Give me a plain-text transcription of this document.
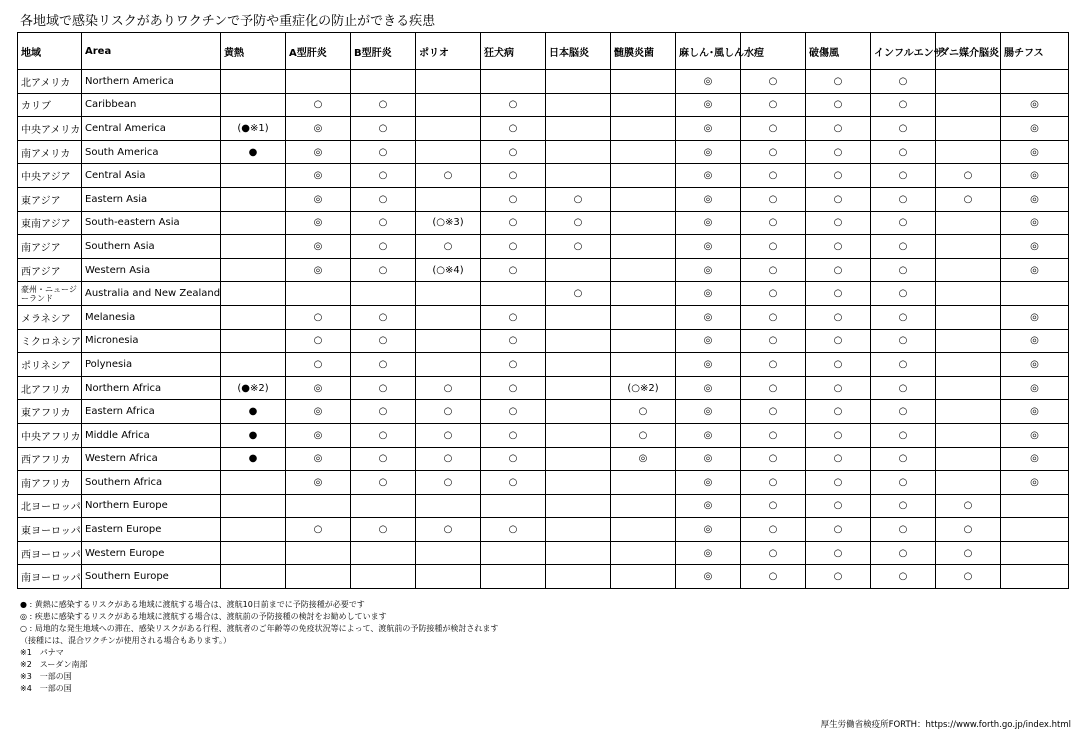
各地域で感染リスクがありワクチンで予防や重症化の防止ができる疾患
地域	Area	黄熱	A型肝炎	B型肝炎	ポリオ	狂犬病	日本脳炎	髄膜炎菌	麻しん･風しん	水痘	破傷風	インフルエンザ	ダニ媒介脳炎	腸チフス
北アメリカ	Northern America								◎	○	○	○		
カリブ	Caribbean		○	○		○			◎	○	○	○		◎
中央アメリカ	Central America	(●※1)	◎	○		○			◎	○	○	○		◎
南アメリカ	South America	●	◎	○		○			◎	○	○	○		◎
中央アジア	Central Asia		◎	○	○	○			◎	○	○	○	○	◎
東アジア	Eastern Asia		◎	○		○	○		◎	○	○	○	○	◎
東南アジア	South-eastern Asia		◎	○	(○※3)	○	○		◎	○	○	○		◎
南アジア	Southern Asia		◎	○	○	○	○		◎	○	○	○		◎
西アジア	Western Asia		◎	○	(○※4)	○			◎	○	○	○		◎
豪州・ニュージーランド	Australia and New Zealand						○		◎	○	○	○		
メラネシア	Melanesia		○	○		○			◎	○	○	○		◎
ミクロネシア	Micronesia		○	○		○			◎	○	○	○		◎
ポリネシア	Polynesia		○	○		○			◎	○	○	○		◎
北アフリカ	Northern Africa	(●※2)	◎	○	○	○		(○※2)	◎	○	○	○		◎
東アフリカ	Eastern Africa	●	◎	○	○	○		○	◎	○	○	○		◎
中央アフリカ	Middle Africa	●	◎	○	○	○		○	◎	○	○	○		◎
西アフリカ	Western Africa	●	◎	○	○	○		◎	◎	○	○	○		◎
南アフリカ	Southern Africa		◎	○	○	○			◎	○	○	○		◎
北ヨーロッパ	Northern Europe								◎	○	○	○	○	
東ヨーロッパ	Eastern Europe		○	○	○	○			◎	○	○	○	○	
西ヨーロッパ	Western Europe								◎	○	○	○	○	
南ヨーロッパ	Southern Europe								◎	○	○	○	○	
● : 黄熱に感染するリスクがある地域に渡航する場合は、渡航10日前までに予防接種が必要です
◎ : 疾患に感染するリスクがある地域に渡航する場合は、渡航前の予防接種の検討をお勧めしています
○ : 局地的な発生地域への滞在、感染リスクがある行程、渡航者のご年齢等の免疫状況等によって、渡航前の予防接種が検討されます
（接種には、混合ワクチンが使用される場合もあります。）
※1　パナマ
※2　スーダン南部
※3　一部の国
※4　一部の国
厚生労働省検疫所FORTH：https://www.forth.go.jp/index.html
